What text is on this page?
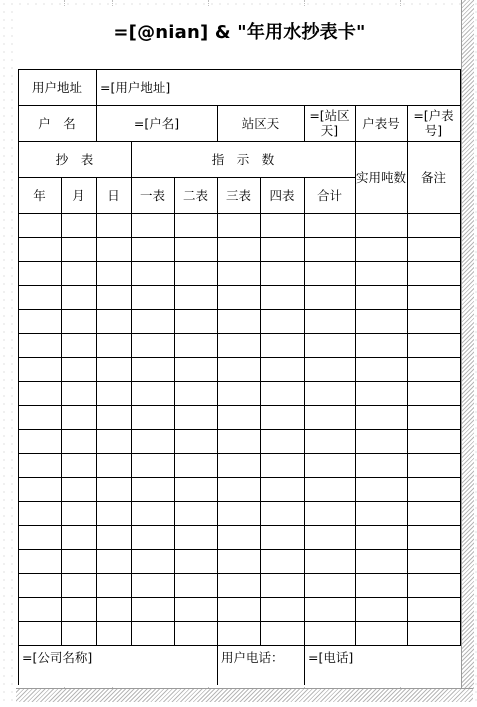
=[@nian] & "年用水抄表卡"
用户地址	=[用户地址]
户　名	=[户名]	站区天	=[站区天]	户表号	=[户表号]
抄　表	指　示　数
实用吨数	备注
年	月	日	一表	二表	三表	四表	合计
=[公司名称]	用户电话：	=[电话]
